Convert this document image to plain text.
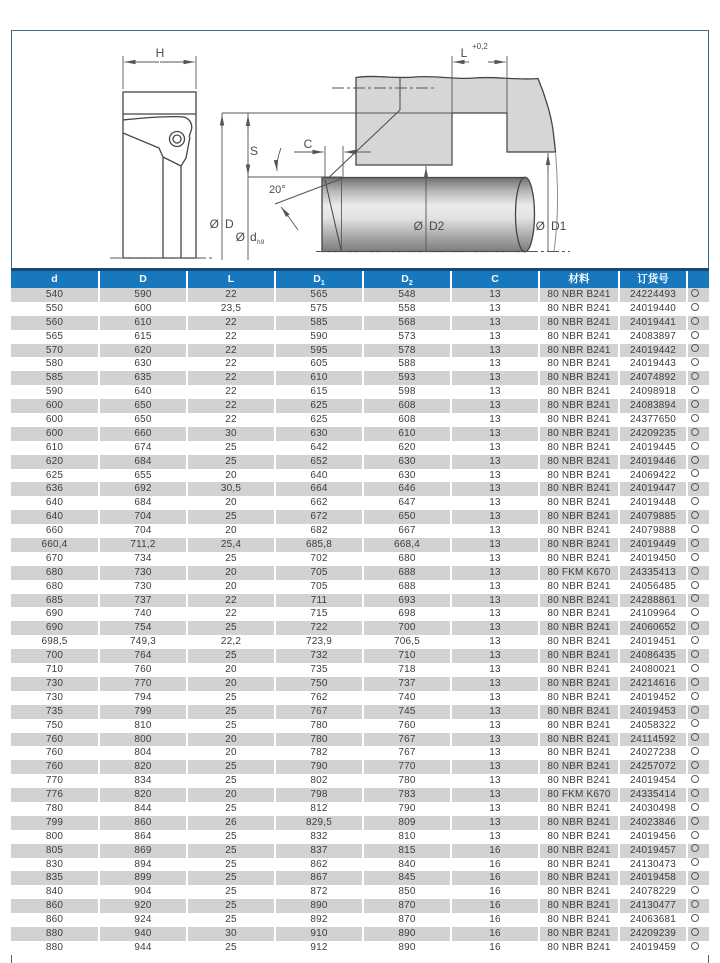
H	L +0,2
S	C
20°
Ø D
Ø d h9
Ø D2	Ø D1
d	D	L	$D_1$	$D_2$	C	材料	订货号
540	590	22	565	548	13	80 NBR B241	24224493
550	600	23,5	575	558	13	80 NBR B241	24019440
560	610	22	585	568	13	80 NBR B241	24019441
565	615	22	590	573	13	80 NBR B241	24083897
570	620	22	595	578	13	80 NBR B241	24019442
580	630	22	605	588	13	80 NBR B241	24019443
585	635	22	610	593	13	80 NBR B241	24074892
590	640	22	615	598	13	80 NBR B241	24098918
600	650	22	625	608	13	80 NBR B241	24083894
600	650	22	625	608	13	80 NBR B241	24377650
600	660	30	630	610	13	80 NBR B241	24209235
610	674	25	642	620	13	80 NBR B241	24019445
620	684	25	652	630	13	80 NBR B241	24019446
625	655	20	640	630	13	80 NBR B241	24069422
636	692	30,5	664	646	13	80 NBR B241	24019447
640	684	20	662	647	13	80 NBR B241	24019448
640	704	25	672	650	13	80 NBR B241	24079885
660	704	20	682	667	13	80 NBR B241	24079888
660,4	711,2	25,4	685,8	668,4	13	80 NBR B241	24019449
670	734	25	702	680	13	80 NBR B241	24019450
680	730	20	705	688	13	80 FKM K670	24335413
680	730	20	705	688	13	80 NBR B241	24056485
685	737	22	711	693	13	80 NBR B241	24288861
690	740	22	715	698	13	80 NBR B241	24109964
690	754	25	722	700	13	80 NBR B241	24060652
698,5	749,3	22,2	723,9	706,5	13	80 NBR B241	24019451
700	764	25	732	710	13	80 NBR B241	24086435
710	760	20	735	718	13	80 NBR B241	24080021
730	770	20	750	737	13	80 NBR B241	24214616
730	794	25	762	740	13	80 NBR B241	24019452
735	799	25	767	745	13	80 NBR B241	24019453
750	810	25	780	760	13	80 NBR B241	24058322
760	800	20	780	767	13	80 NBR B241	24114592
760	804	20	782	767	13	80 NBR B241	24027238
760	820	25	790	770	13	80 NBR B241	24257072
770	834	25	802	780	13	80 NBR B241	24019454
776	820	20	798	783	13	80 FKM K670	24335414
780	844	25	812	790	13	80 NBR B241	24030498
799	860	26	829,5	809	13	80 NBR B241	24023846
800	864	25	832	810	13	80 NBR B241	24019456
805	869	25	837	815	16	80 NBR B241	24019457
830	894	25	862	840	16	80 NBR B241	24130473
835	899	25	867	845	16	80 NBR B241	24019458
840	904	25	872	850	16	80 NBR B241	24078229
860	920	25	890	870	16	80 NBR B241	24130477
860	924	25	892	870	16	80 NBR B241	24063681
880	940	30	910	890	16	80 NBR B241	24209239
880	944	25	912	890	16	80 NBR B241	24019459
